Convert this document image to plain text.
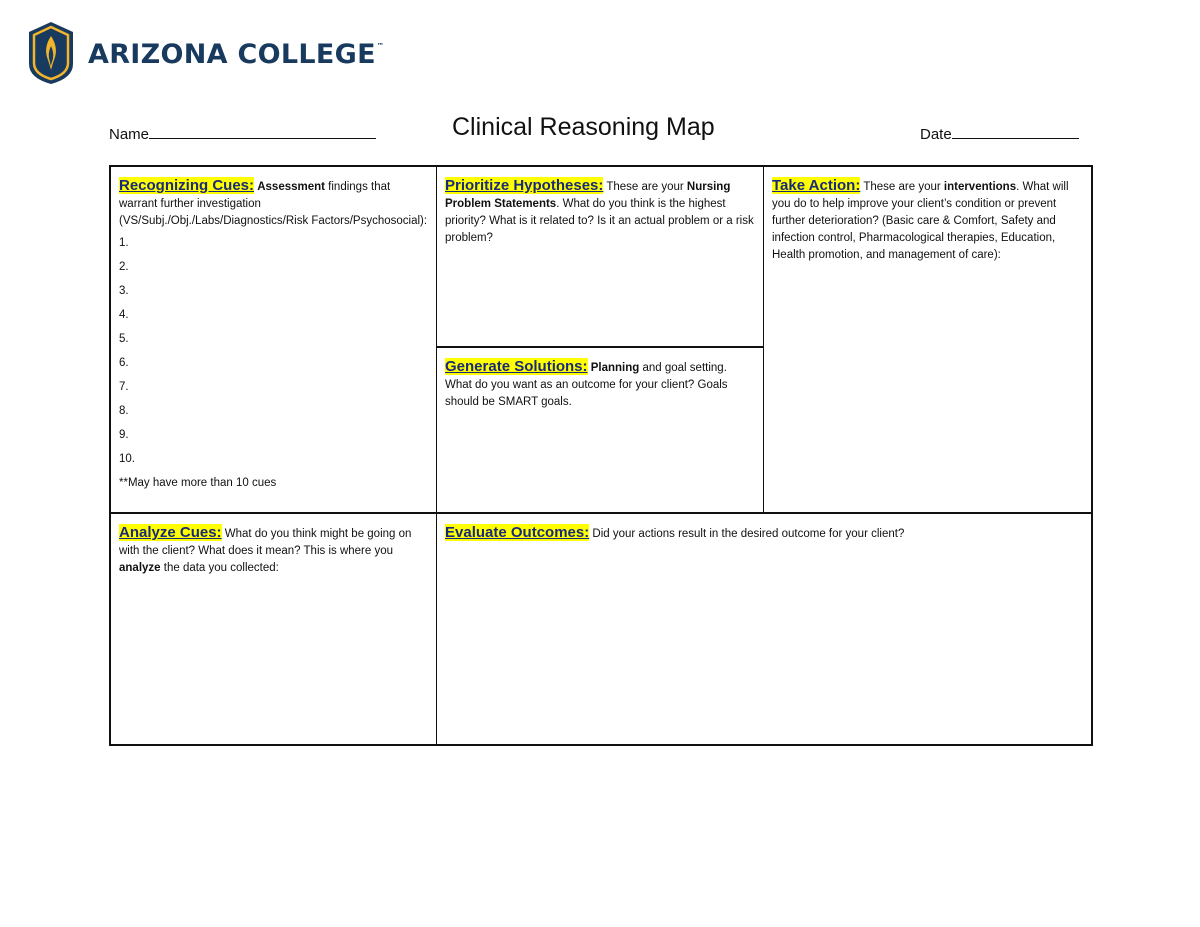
ARIZONA COLLEGE™
Name	Clinical Reasoning Map	Date
Recognizing Cues: Assessment findings that warrant further investigation (VS/Subj./Obj./Labs/Diagnostics/Risk Factors/Psychosocial):
1.
2.
3.
4.
5.
6.
7.
8.
9.
10.
**May have more than 10 cues
Prioritize Hypotheses: These are your Nursing Problem Statements. What do you think is the highest priority? What is it related to? Is it an actual problem or a risk problem?
Take Action: These are your interventions. What will you do to help improve your client’s condition or prevent further deterioration? (Basic care & Comfort, Safety and infection control, Pharmacological therapies, Education, Health promotion, and management of care):
Generate Solutions: Planning and goal setting. What do you want as an outcome for your client? Goals should be SMART goals.
Analyze Cues: What do you think might be going on with the client? What does it mean? This is where you analyze the data you collected:
Evaluate Outcomes: Did your actions result in the desired outcome for your client?
